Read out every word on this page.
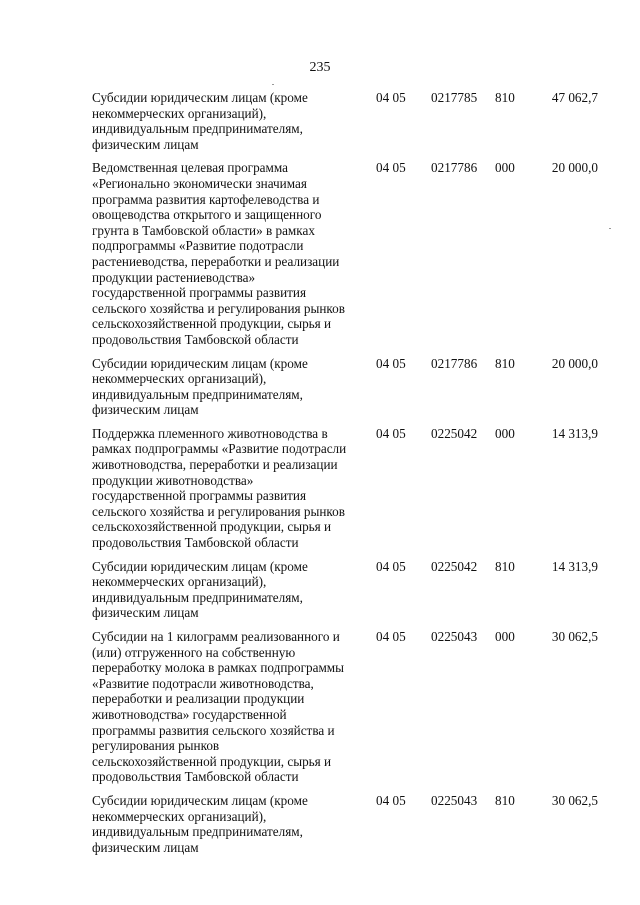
235
Субсидии юридическим лицам (кроме
некоммерческих организаций),
индивидуальным предпринимателям,
физическим лицам
04 05 0217785 810	47 062,7
Ведомственная целевая программа
«Регионально экономически значимая
программа развития картофелеводства и
овощеводства открытого и защищенного
грунта в Тамбовской области» в рамках
подпрограммы «Развитие подотрасли
растениеводства, переработки и реализации
продукции растениеводства»
государственной программы развития
сельского хозяйства и регулирования рынков
сельскохозяйственной продукции, сырья и
продовольствия Тамбовской области
04 05 0217786 000	20 000,0
Субсидии юридическим лицам (кроме
некоммерческих организаций),
индивидуальным предпринимателям,
физическим лицам
04 05 0217786 810	20 000,0
Поддержка племенного животноводства в
рамках подпрограммы «Развитие подотрасли
животноводства, переработки и реализации
продукции животноводства»
государственной программы развития
сельского хозяйства и регулирования рынков
сельскохозяйственной продукции, сырья и
продовольствия Тамбовской области
04 05 0225042 000	14 313,9
Субсидии юридическим лицам (кроме
некоммерческих организаций),
индивидуальным предпринимателям,
физическим лицам
04 05 0225042 810	14 313,9
Субсидии на 1 килограмм реализованного и
(или) отгруженного на собственную
переработку молока в рамках подпрограммы
«Развитие подотрасли животноводства,
переработки и реализации продукции
животноводства» государственной
программы развития сельского хозяйства и
регулирования рынков
сельскохозяйственной продукции, сырья и
продовольствия Тамбовской области
04 05 0225043 000	30 062,5
Субсидии юридическим лицам (кроме
некоммерческих организаций),
индивидуальным предпринимателям,
физическим лицам
04 05 0225043 810	30 062,5
